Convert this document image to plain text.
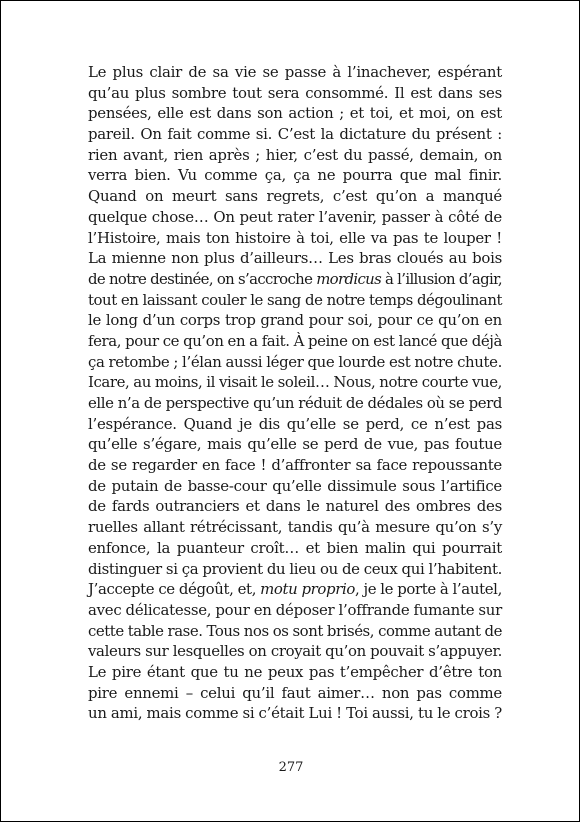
Le plus clair de sa vie se passe à l’inachever, espérant
qu’au plus sombre tout sera consommé. Il est dans ses
pensées, elle est dans son action ; et toi, et moi, on est
pareil. On fait comme si. C’est la dictature du présent :
rien avant, rien après ; hier, c’est du passé, demain, on
verra bien. Vu comme ça, ça ne pourra que mal finir.
Quand on meurt sans regrets, c’est qu’on a manqué
quelque chose… On peut rater l’avenir, passer à côté de
l’Histoire, mais ton histoire à toi, elle va pas te louper !
La mienne non plus d’ailleurs… Les bras cloués au bois
de notre destinée, on s’accroche mordicus à l’illusion d’agir,
tout en laissant couler le sang de notre temps dégoulinant
le long d’un corps trop grand pour soi, pour ce qu’on en
fera, pour ce qu’on en a fait. À peine on est lancé que déjà
ça retombe ; l’élan aussi léger que lourde est notre chute.
Icare, au moins, il visait le soleil… Nous, notre courte vue,
elle n’a de perspective qu’un réduit de dédales où se perd
l’espérance. Quand je dis qu’elle se perd, ce n’est pas
qu’elle s’égare, mais qu’elle se perd de vue, pas foutue
de se regarder en face ! d’affronter sa face repoussante
de putain de basse-cour qu’elle dissimule sous l’artifice
de fards outranciers et dans le naturel des ombres des
ruelles allant rétrécissant, tandis qu’à mesure qu’on s’y
enfonce, la puanteur croît… et bien malin qui pourrait
distinguer si ça provient du lieu ou de ceux qui l’habitent.
J’accepte ce dégoût, et, motu proprio, je le porte à l’autel,
avec délicatesse, pour en déposer l’offrande fumante sur
cette table rase. Tous nos os sont brisés, comme autant de
valeurs sur lesquelles on croyait qu’on pouvait s’appuyer.
Le pire étant que tu ne peux pas t’empêcher d’être ton
pire ennemi – celui qu’il faut aimer… non pas comme
un ami, mais comme si c’était Lui ! Toi aussi, tu le crois ?
277
